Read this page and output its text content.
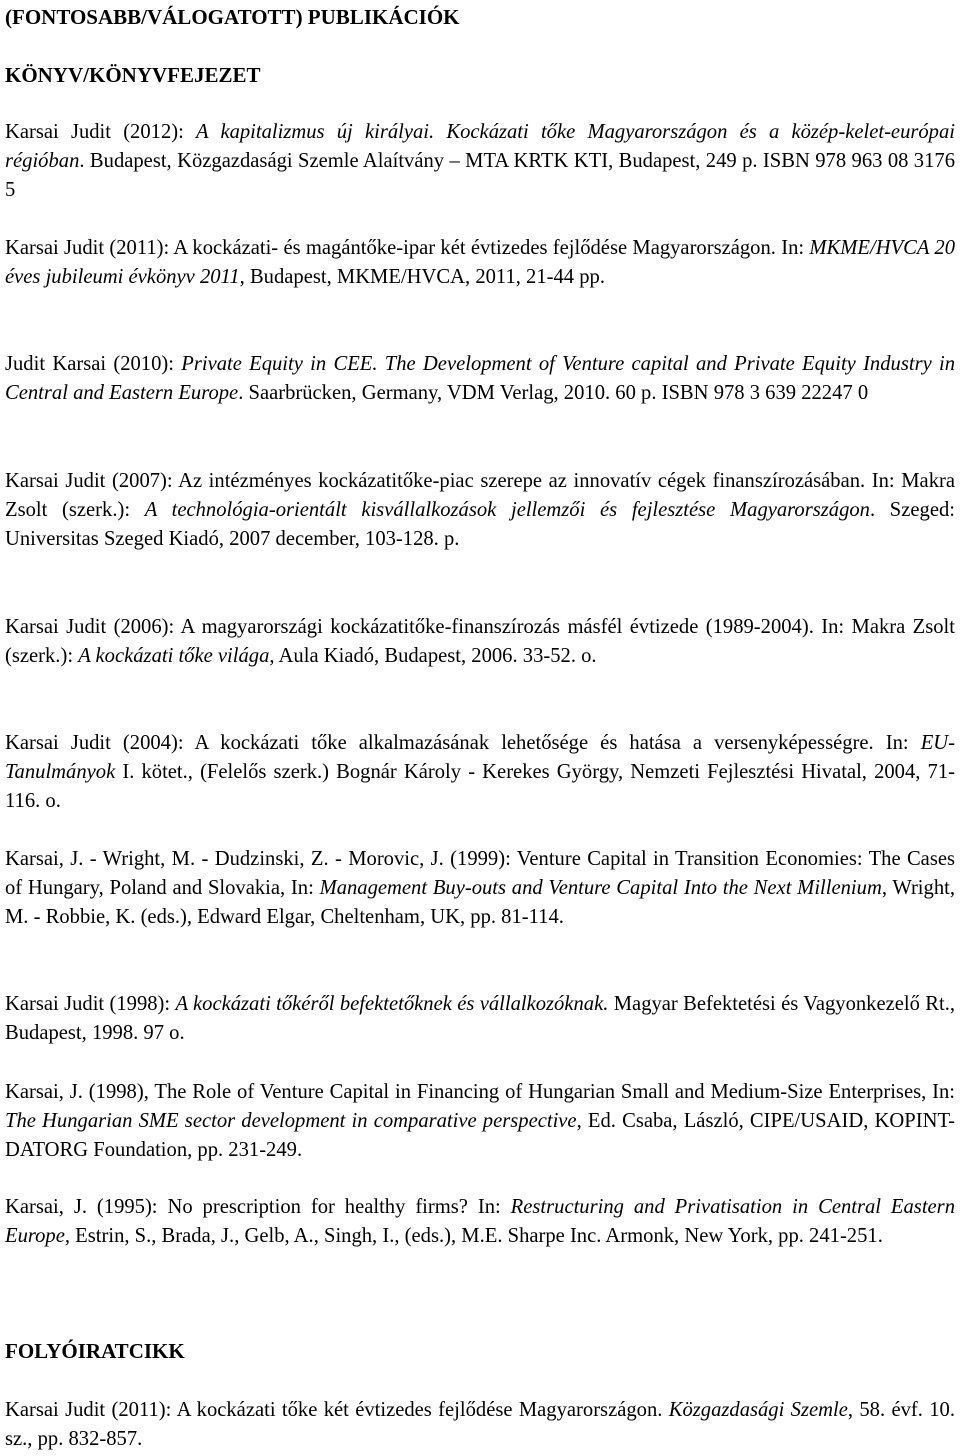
(FONTOSABB/VÁLOGATOTT) PUBLIKÁCIÓK
KÖNYV/KÖNYVFEJEZET
Karsai Judit (2012): A kapitalizmus új királyai. Kockázati tőke Magyarországon és a közép-kelet-európai régióban. Budapest, Közgazdasági Szemle Alaítvány – MTA KRTK KTI, Budapest, 249 p. ISBN 978 963 08 3176 5
Karsai Judit (2011): A kockázati- és magántőke-ipar két évtizedes fejlődése Magyarországon. In: MKME/HVCA 20 éves jubileumi évkönyv 2011, Budapest, MKME/HVCA, 2011, 21-44 pp.
Judit Karsai (2010): Private Equity in CEE. The Development of Venture capital and Private Equity Industry in Central and Eastern Europe. Saarbrücken, Germany, VDM Verlag, 2010. 60 p. ISBN 978 3 639 22247 0
Karsai Judit (2007): Az intézményes kockázatitőke-piac szerepe az innovatív cégek finanszírozásában. In: Makra Zsolt (szerk.): A technológia-orientált kisvállalkozások jellemzői és fejlesztése Magyarországon. Szeged: Universitas Szeged Kiadó, 2007 december, 103-128. p.
Karsai Judit (2006): A magyarországi kockázatitőke-finanszírozás másfél évtizede (1989-2004). In: Makra Zsolt (szerk.): A kockázati tőke világa, Aula Kiadó, Budapest, 2006. 33-52. o.
Karsai Judit (2004): A kockázati tőke alkalmazásának lehetősége és hatása a versenyképességre. In: EU-Tanulmányok I. kötet., (Felelős szerk.) Bognár Károly - Kerekes György, Nemzeti Fejlesztési Hivatal, 2004, 71-116. o.
Karsai, J. - Wright, M. - Dudzinski, Z. - Morovic, J. (1999): Venture Capital in Transition Economies: The Cases of Hungary, Poland and Slovakia, In: Management Buy-outs and Venture Capital Into the Next Millenium, Wright, M. - Robbie, K. (eds.), Edward Elgar, Cheltenham, UK, pp. 81-114.
Karsai Judit (1998): A kockázati tőkéről befektetőknek és vállalkozóknak. Magyar Befektetési és Vagyonkezelő Rt., Budapest, 1998. 97 o.
Karsai, J. (1998), The Role of Venture Capital in Financing of Hungarian Small and Medium-Size Enterprises, In: The Hungarian SME sector development in comparative perspective, Ed. Csaba, László, CIPE/USAID, KOPINT-DATORG Foundation, pp. 231-249.
Karsai, J. (1995): No prescription for healthy firms? In: Restructuring and Privatisation in Central Eastern Europe, Estrin, S., Brada, J., Gelb, A., Singh, I., (eds.), M.E. Sharpe Inc. Armonk, New York, pp. 241-251.
FOLYÓIRATCIKK
Karsai Judit (2011): A kockázati tőke két évtizedes fejlődése Magyarországon. Közgazdasági Szemle, 58. évf. 10. sz., pp. 832-857.
